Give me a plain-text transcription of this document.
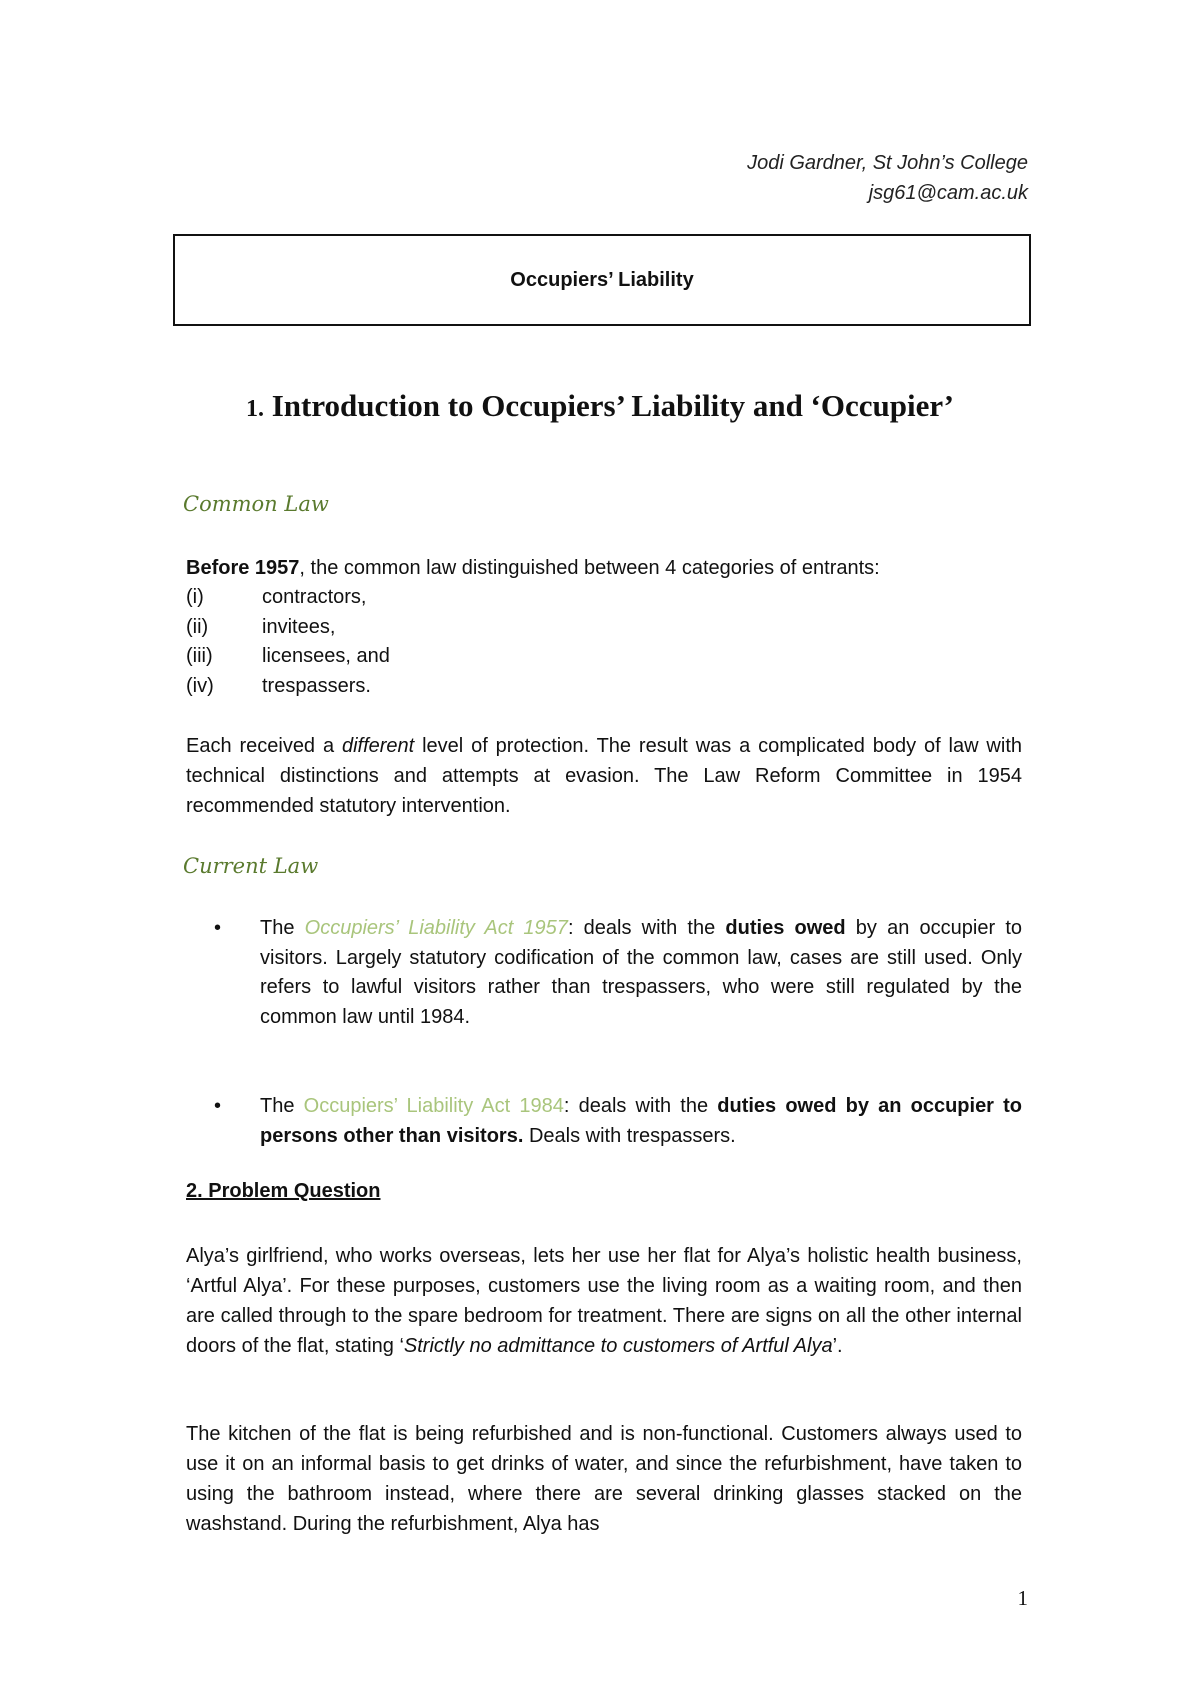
Jodi Gardner, St John’s College
jsg61@cam.ac.uk
Occupiers’ Liability
1. Introduction to Occupiers’ Liability and ‘Occupier’
Common Law
Before 1957, the common law distinguished between 4 categories of entrants:
(i)	contractors,
(ii)	invitees,
(iii)	licensees, and
(iv)	trespassers.
Each received a different level of protection. The result was a complicated body of law with technical distinctions and attempts at evasion. The Law Reform Committee in 1954 recommended statutory intervention.
Current Law
• The Occupiers’ Liability Act 1957: deals with the duties owed by an occupier to visitors. Largely statutory codification of the common law, cases are still used. Only refers to lawful visitors rather than trespassers, who were still regulated by the common law until 1984.
• The Occupiers’ Liability Act 1984: deals with the duties owed by an occupier to persons other than visitors. Deals with trespassers.
2. Problem Question
Alya’s girlfriend, who works overseas, lets her use her flat for Alya’s holistic health business, ‘Artful Alya’. For these purposes, customers use the living room as a waiting room, and then are called through to the spare bedroom for treatment. There are signs on all the other internal doors of the flat, stating ‘Strictly no admittance to customers of Artful Alya’.
The kitchen of the flat is being refurbished and is non-functional. Customers always used to use it on an informal basis to get drinks of water, and since the refurbishment, have taken to using the bathroom instead, where there are several drinking glasses stacked on the washstand. During the refurbishment, Alya has
1
